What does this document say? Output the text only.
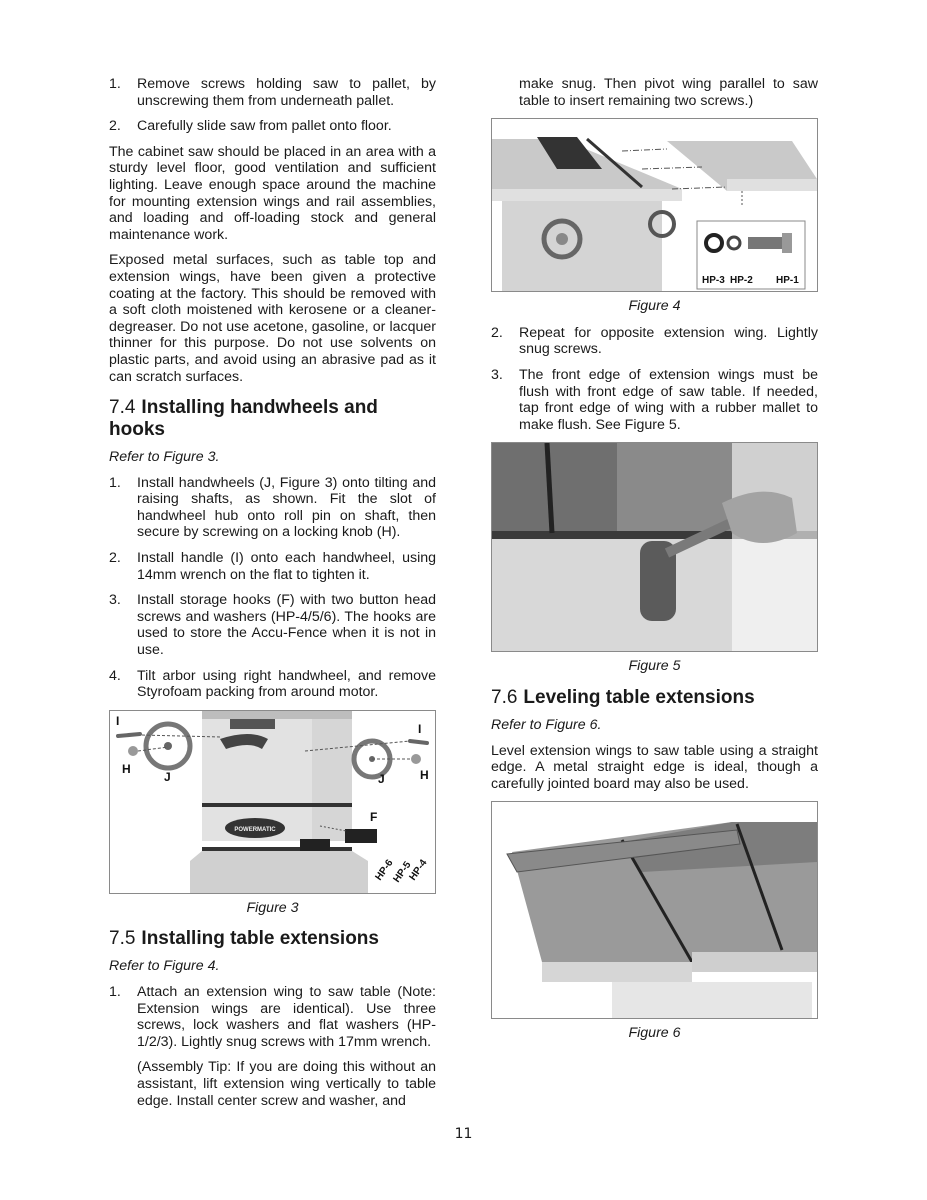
1.	Remove screws holding saw to pallet, by unscrewing them from underneath pallet.
2.	Carefully slide saw from pallet onto floor.

The cabinet saw should be placed in an area with a sturdy level floor, good ventilation and sufficient lighting. Leave enough space around the machine for mounting extension wings and rail assemblies, and loading and off-loading stock and general maintenance work.

Exposed metal surfaces, such as table top and extension wings, have been given a protective coating at the factory. This should be removed with a soft cloth moistened with kerosene or a cleaner-degreaser. Do not use acetone, gasoline, or lacquer thinner for this purpose. Do not use solvents on plastic parts, and avoid using an abrasive pad as it can scratch surfaces.

7.4 Installing handwheels and hooks
Refer to Figure 3.
1.	Install handwheels (J, Figure 3) onto tilting and raising shafts, as shown. Fit the slot of handwheel hub onto roll pin on shaft, then secure by screwing on a locking knob (H).
2.	Install handle (I) onto each handwheel, using 14mm wrench on the flat to tighten it.
3.	Install storage hooks (F) with two button head screws and washers (HP-4/5/6). The hooks are used to store the Accu-Fence when it is not in use.
4.	Tilt arbor using right handwheel, and remove Styrofoam packing from around motor.
POWERMATIC
I
H
J
I
J	H
F
HP-6
HP-5
HP-4
Figure 3
7.5 Installing table extensions
Refer to Figure 4.
1.	Attach an extension wing to saw table (Note: Extension wings are identical). Use three screws, lock washers and flat washers (HP-1/2/3). Lightly snug screws with 17mm wrench.
(Assembly Tip: If you are doing this without an assistant, lift extension wing vertically to table edge. Install center screw and washer, and
make snug. Then pivot wing parallel to saw table to insert remaining two screws.)
HP-3 HP-2 HP-1
Figure 4
2.	Repeat for opposite extension wing. Lightly snug screws.
3.	The front edge of extension wings must be flush with front edge of saw table. If needed, tap front edge of wing with a rubber mallet to make flush. See Figure 5.
Figure 5
7.6 Leveling table extensions
Refer to Figure 6.

Level extension wings to saw table using a straight edge. A metal straight edge is ideal, though a carefully jointed board may also be used.

Figure 6
11
